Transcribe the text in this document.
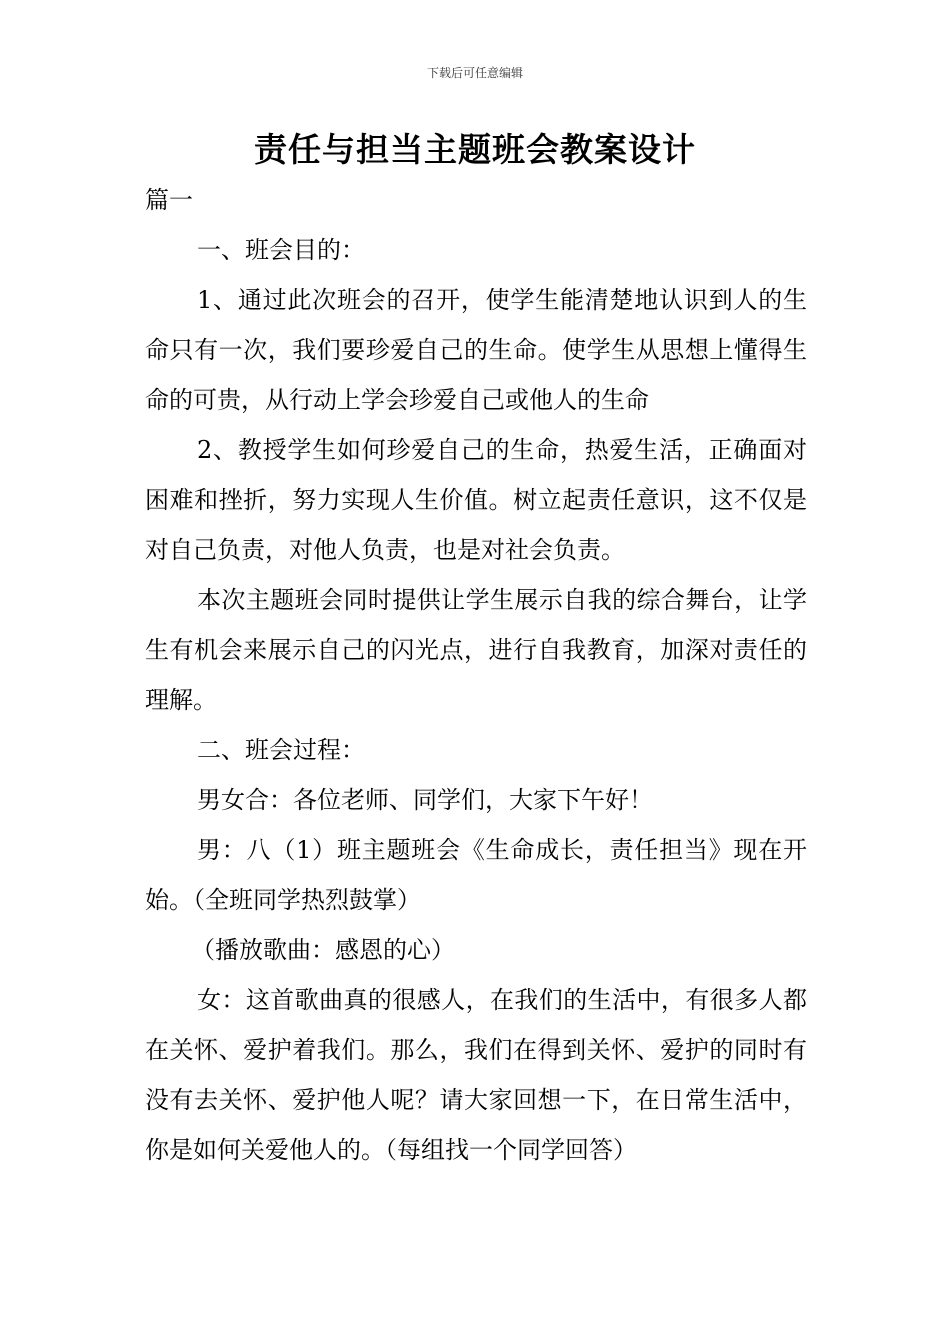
下载后可任意编辑
责任与担当主题班会教案设计

篇一

一、班会目的：

1、通过此次班会的召开，使学生能清楚地认识到人的生命只有一次，我们要珍爱自己的生命。使学生从思想上懂得生命的可贵，从行动上学会珍爱自己或他人的生命

2、教授学生如何珍爱自己的生命，热爱生活，正确面对困难和挫折，努力实现人生价值。树立起责任意识，这不仅是对自己负责，对他人负责，也是对社会负责。

本次主题班会同时提供让学生展示自我的综合舞台，让学生有机会来展示自己的闪光点，进行自我教育，加深对责任的理解。

二、班会过程：

男女合：各位老师、同学们，大家下午好！

男：八（1）班主题班会《生命成长，责任担当》现在开始。（全班同学热烈鼓掌）

（播放歌曲：感恩的心）

女：这首歌曲真的很感人，在我们的生活中，有很多人都在关怀、爱护着我们。那么，我们在得到关怀、爱护的同时有没有去关怀、爱护他人呢？请大家回想一下，在日常生活中，你是如何关爱他人的。（每组找一个同学回答）
